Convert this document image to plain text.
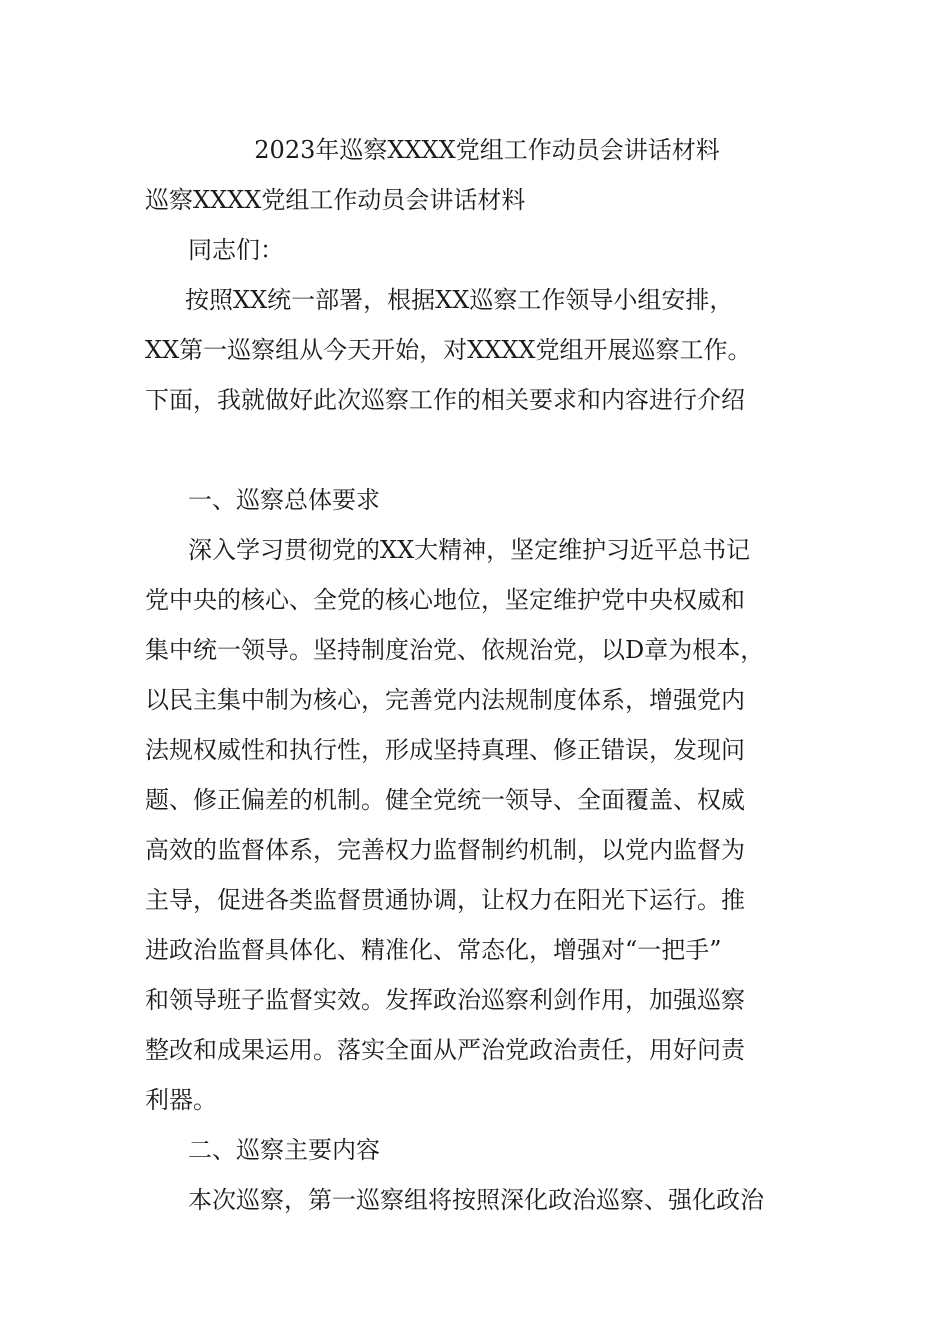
2023年巡察XXXX党组工作动员会讲话材料
巡察XXXX党组工作动员会讲话材料
同志们：
按照XX统一部署，根据XX巡察工作领导小组安排，
XX第一巡察组从今天开始，对XXXX党组开展巡察工作。
下面，我就做好此次巡察工作的相关要求和内容进行介绍
一、巡察总体要求
深入学习贯彻党的XX大精神，坚定维护习近平总书记
党中央的核心、全党的核心地位，坚定维护党中央权威和
集中统一领导。坚持制度治党、依规治党，以D章为根本，
以民主集中制为核心，完善党内法规制度体系，增强党内
法规权威性和执行性，形成坚持真理、修正错误，发现问
题、修正偏差的机制。健全党统一领导、全面覆盖、权威
高效的监督体系，完善权力监督制约机制，以党内监督为
主导，促进各类监督贯通协调，让权力在阳光下运行。推
进政治监督具体化、精准化、常态化，增强对“一把手”
和领导班子监督实效。发挥政治巡察利剑作用，加强巡察
整改和成果运用。落实全面从严治党政治责任，用好问责
利器。
二、巡察主要内容
本次巡察，第一巡察组将按照深化政治巡察、强化政治
